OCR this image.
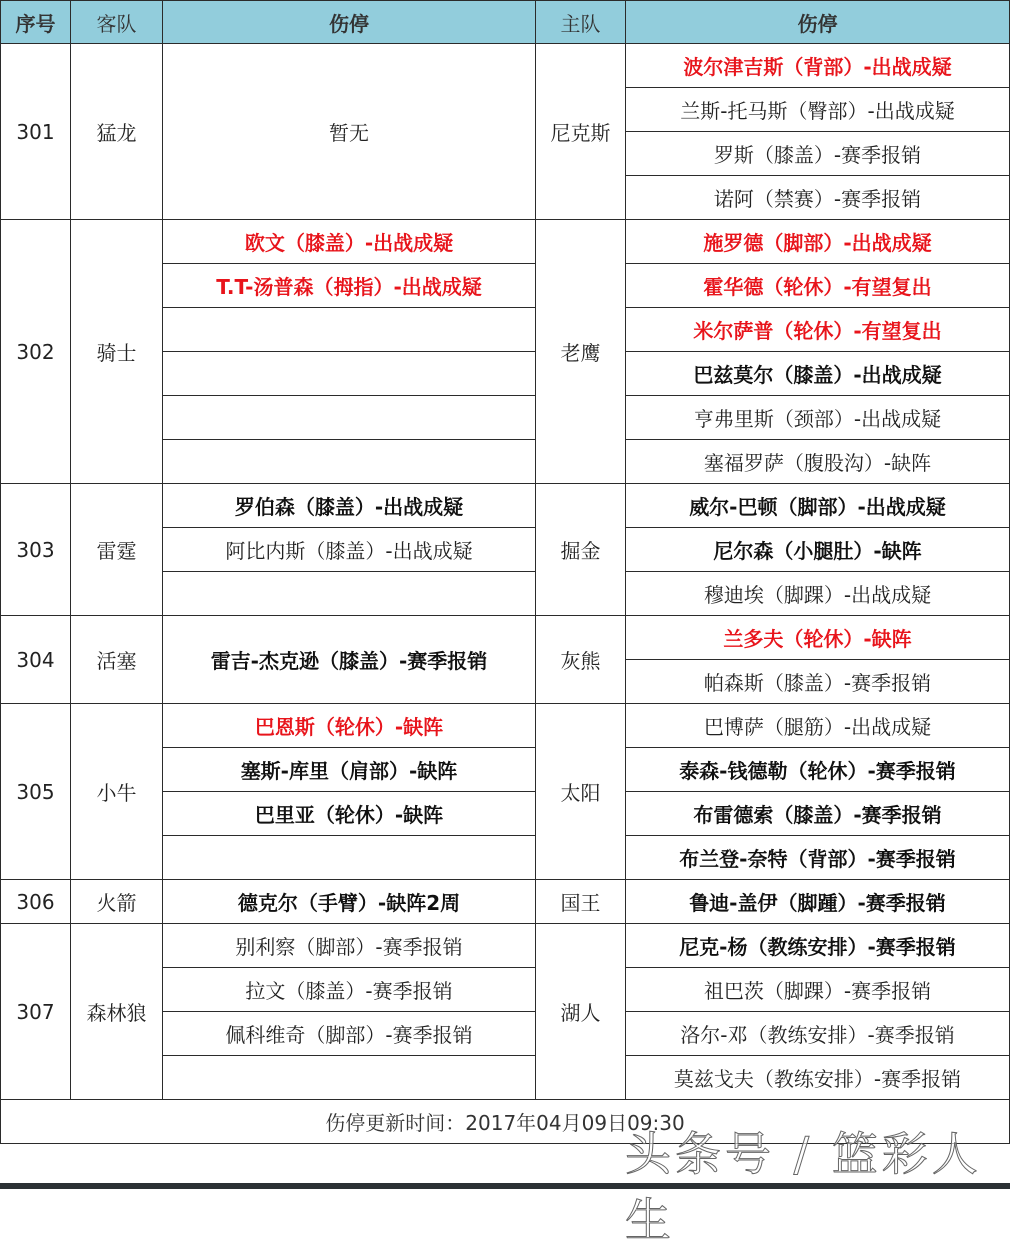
序号	客队	伤停	主队	伤停
301	猛龙	暂无	尼克斯	波尔津吉斯（背部）-出战成疑
				兰斯-托马斯（臀部）-出战成疑
				罗斯（膝盖）-赛季报销
				诺阿（禁赛）-赛季报销
302	骑士	欧文（膝盖）-出战成疑	老鹰	施罗德（脚部）-出战成疑
		T.T-汤普森（拇指）-出战成疑		霍华德（轮休）-有望复出
				米尔萨普（轮休）-有望复出
				巴兹莫尔（膝盖）-出战成疑
				亨弗里斯（颈部）-出战成疑
				塞福罗萨（腹股沟）-缺阵
303	雷霆	罗伯森（膝盖）-出战成疑	掘金	威尔-巴顿（脚部）-出战成疑
		阿比内斯（膝盖）-出战成疑		尼尔森（小腿肚）-缺阵
				穆迪埃（脚踝）-出战成疑
304	活塞	雷吉-杰克逊（膝盖）-赛季报销	灰熊	兰多夫（轮休）-缺阵
				帕森斯（膝盖）-赛季报销
305	小牛	巴恩斯（轮休）-缺阵	太阳	巴博萨（腿筋）-出战成疑
		塞斯-库里（肩部）-缺阵		泰森-钱德勒（轮休）-赛季报销
		巴里亚（轮休）-缺阵		布雷德索（膝盖）-赛季报销
				布兰登-奈特（背部）-赛季报销
306	火箭	德克尔（手臂）-缺阵2周	国王	鲁迪-盖伊（脚踵）-赛季报销

307	森林狼	别利察（脚部）-赛季报销	湖人	尼克-杨（教练安排）-赛季报销
		拉文（膝盖）-赛季报销		祖巴茨（脚踝）-赛季报销
		佩科维奇（脚部）-赛季报销		洛尔-邓（教练安排）-赛季报销
				莫兹戈夫（教练安排）-赛季报销
伤停更新时间：2017年04月09日09:30				
头条号 / 篮彩人生
